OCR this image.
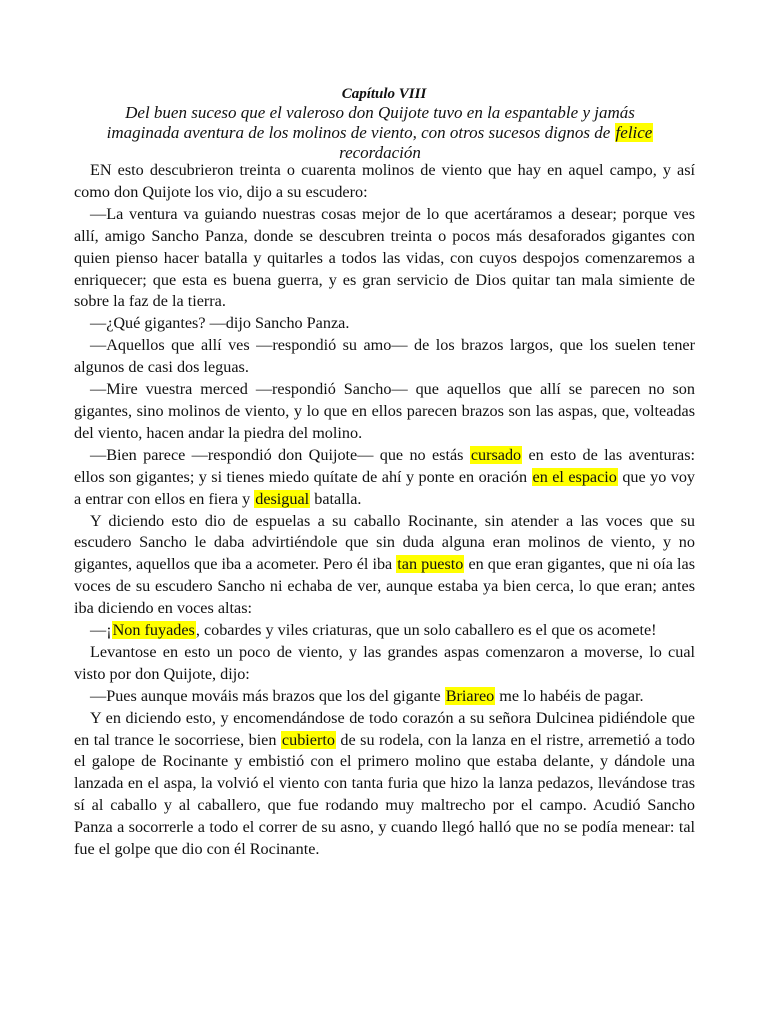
Capítulo VIII
Del buen suceso que el valeroso don Quijote tuvo en la espantable y jamás imaginada aventura de los molinos de viento, con otros sucesos dignos de felice recordación

EN esto descubrieron treinta o cuarenta molinos de viento que hay en aquel campo, y así como don Quijote los vio, dijo a su escudero:

—La ventura va guiando nuestras cosas mejor de lo que acertáramos a desear; porque ves allí, amigo Sancho Panza, donde se descubren treinta o pocos más desaforados gigantes con quien pienso hacer batalla y quitarles a todos las vidas, con cuyos despojos comenzaremos a enriquecer; que esta es buena guerra, y es gran servicio de Dios quitar tan mala simiente de sobre la faz de la tierra.

—¿Qué gigantes? —dijo Sancho Panza.

—Aquellos que allí ves —respondió su amo— de los brazos largos, que los suelen tener algunos de casi dos leguas.

—Mire vuestra merced —respondió Sancho— que aquellos que allí se parecen no son gigantes, sino molinos de viento, y lo que en ellos parecen brazos son las aspas, que, volteadas del viento, hacen andar la piedra del molino.

—Bien parece —respondió don Quijote— que no estás cursado en esto de las aventuras: ellos son gigantes; y si tienes miedo quítate de ahí y ponte en oración en el espacio que yo voy a entrar con ellos en fiera y desigual batalla.

Y diciendo esto dio de espuelas a su caballo Rocinante, sin atender a las voces que su escudero Sancho le daba advirtiéndole que sin duda alguna eran molinos de viento, y no gigantes, aquellos que iba a acometer. Pero él iba tan puesto en que eran gigantes, que ni oía las voces de su escudero Sancho ni echaba de ver, aunque estaba ya bien cerca, lo que eran; antes iba diciendo en voces altas:

—¡Non fuyades, cobardes y viles criaturas, que un solo caballero es el que os acomete!

Levantose en esto un poco de viento, y las grandes aspas comenzaron a moverse, lo cual visto por don Quijote, dijo:

—Pues aunque mováis más brazos que los del gigante Briareo me lo habéis de pagar.

Y en diciendo esto, y encomendándose de todo corazón a su señora Dulcinea pidiéndole que en tal trance le socorriese, bien cubierto de su rodela, con la lanza en el ristre, arremetió a todo el galope de Rocinante y embistió con el primero molino que estaba delante, y dándole una lanzada en el aspa, la volvió el viento con tanta furia que hizo la lanza pedazos, llevándose tras sí al caballo y al caballero, que fue rodando muy maltrecho por el campo. Acudió Sancho Panza a socorrerle a todo el correr de su asno, y cuando llegó halló que no se podía menear: tal fue el golpe que dio con él Rocinante.
